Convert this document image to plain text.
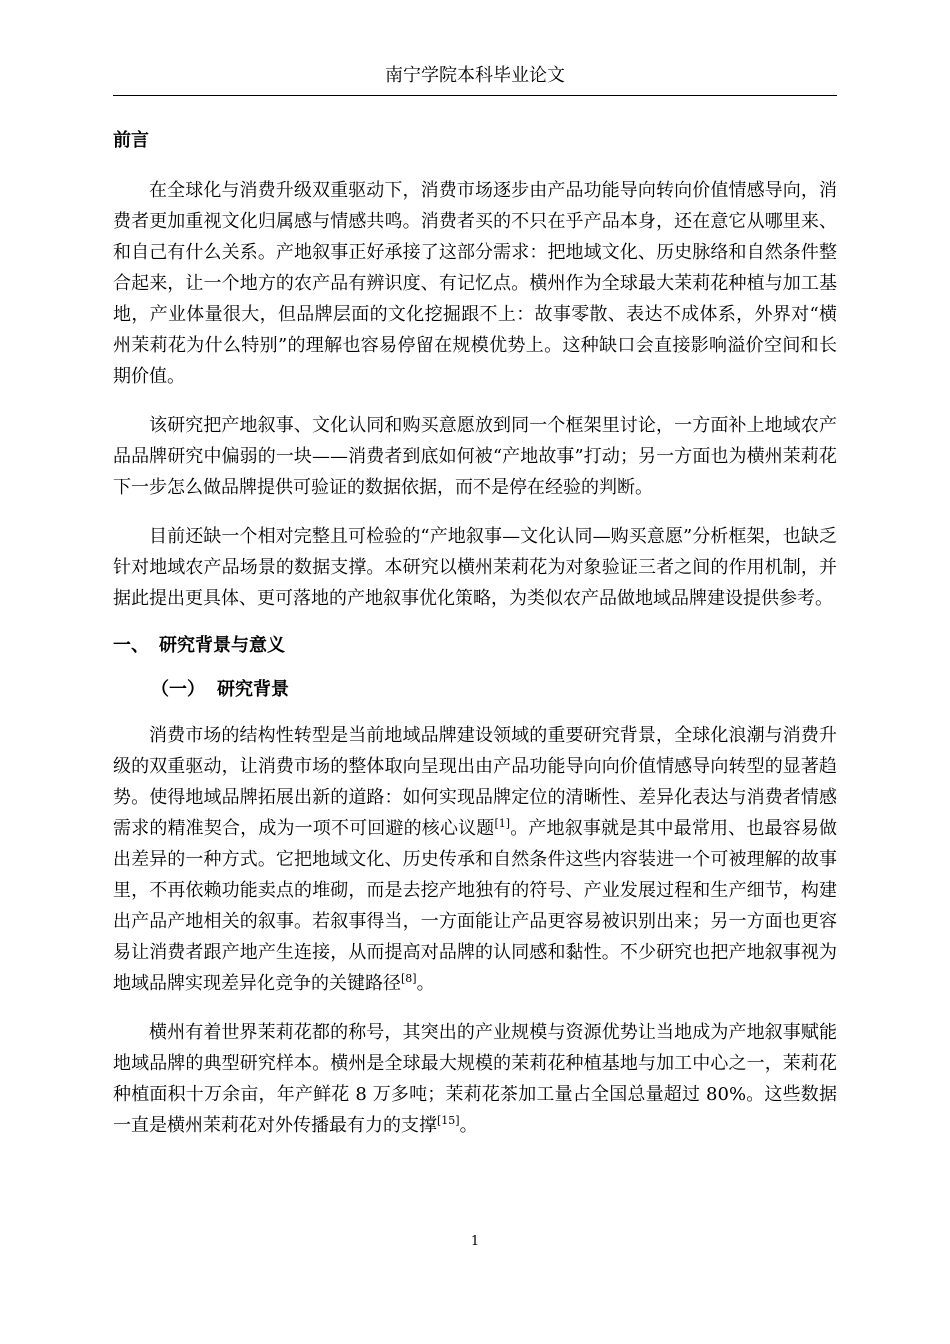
南宁学院本科毕业论文
前言

在全球化与消费升级双重驱动下，消费市场逐步由产品功能导向转向价值情感导向，消费者更加重视文化归属感与情感共鸣。消费者买的不只在乎产品本身，还在意它从哪里来、和自己有什么关系。产地叙事正好承接了这部分需求：把地域文化、历史脉络和自然条件整合起来，让一个地方的农产品有辨识度、有记忆点。横州作为全球最大茉莉花种植与加工基地，产业体量很大，但品牌层面的文化挖掘跟不上：故事零散、表达不成体系，外界对“横州茉莉花为什么特别”的理解也容易停留在规模优势上。这种缺口会直接影响溢价空间和长期价值。

该研究把产地叙事、文化认同和购买意愿放到同一个框架里讨论，一方面补上地域农产品品牌研究中偏弱的一块——消费者到底如何被“产地故事”打动；另一方面也为横州茉莉花下一步怎么做品牌提供可验证的数据依据，而不是停在经验的判断。

目前还缺一个相对完整且可检验的“产地叙事—文化认同—购买意愿”分析框架，也缺乏针对地域农产品场景的数据支撑。本研究以横州茉莉花为对象验证三者之间的作用机制，并据此提出更具体、更可落地的产地叙事优化策略，为类似农产品做地域品牌建设提供参考。

一、 研究背景与意义
（一） 研究背景

消费市场的结构性转型是当前地域品牌建设领域的重要研究背景，全球化浪潮与消费升级的双重驱动，让消费市场的整体取向呈现出由产品功能导向向价值情感导向转型的显著趋势。使得地域品牌拓展出新的道路：如何实现品牌定位的清晰性、差异化表达与消费者情感需求的精准契合，成为一项不可回避的核心议题[1]。产地叙事就是其中最常用、也最容易做出差异的一种方式。它把地域文化、历史传承和自然条件这些内容装进一个可被理解的故事里，不再依赖功能卖点的堆砌，而是去挖产地独有的符号、产业发展过程和生产细节，构建出产品产地相关的叙事。若叙事得当，一方面能让产品更容易被识别出来；另一方面也更容易让消费者跟产地产生连接，从而提高对品牌的认同感和黏性。不少研究也把产地叙事视为地域品牌实现差异化竞争的关键路径[8]。

横州有着世界茉莉花都的称号，其突出的产业规模与资源优势让当地成为产地叙事赋能地域品牌的典型研究样本。横州是全球最大规模的茉莉花种植基地与加工中心之一，茉莉花种植面积十万余亩，年产鲜花 8 万多吨；茉莉花茶加工量占全国总量超过 80%。这些数据一直是横州茉莉花对外传播最有力的支撑[15]。

1
